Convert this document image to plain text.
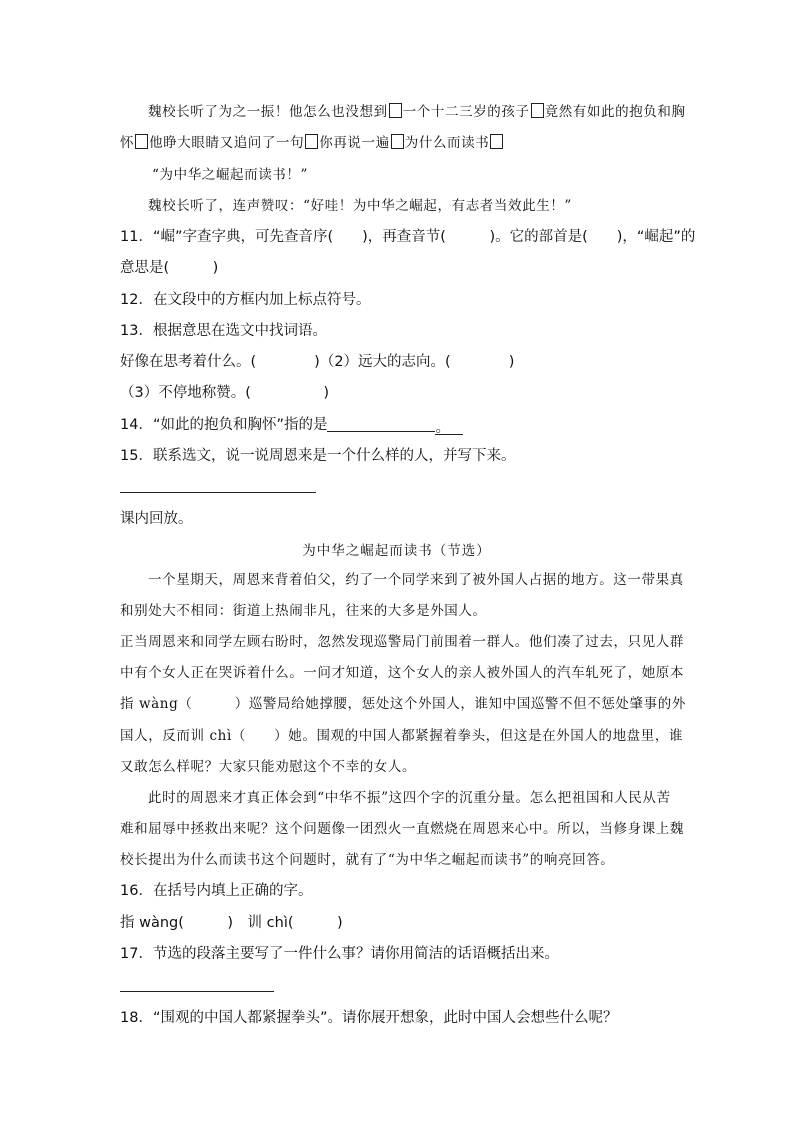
魏校长听了为之一振！他怎么也没想到 一个十二三岁的孩子 竟然有如此的抱负和胸
怀 他睁大眼睛又追问了一句 你再说一遍 为什么而读书
“为中华之崛起而读书！”
魏校长听了，连声赞叹：“好哇！为中华之崛起，有志者当效此生！”
11．“崛”字查字典，可先查音序(　　)，再查音节(　　　)。它的部首是(　　)，“崛起”的
意思是(　　　)
12．在文段中的方框内加上标点符号。
13．根据意思在选文中找词语。
好像在思考着什么。(　　　　)（2）远大的志向。(　　　　)
（3）不停地称赞。(　　　　　)
14．“如此的抱负和胸怀”指的是	。
15．联系选文，说一说周恩来是一个什么样的人，并写下来。
课内回放。
为中华之崛起而读书（节选）
一个星期天，周恩来背着伯父，约了一个同学来到了被外国人占据的地方。这一带果真
和别处大不相同：街道上热闹非凡，往来的大多是外国人。
正当周恩来和同学左顾右盼时，忽然发现巡警局门前围着一群人。他们凑了过去，只见人群
中有个女人正在哭诉着什么。一问才知道，这个女人的亲人被外国人的汽车轧死了，她原本
指 wàng（　　　）巡警局给她撑腰，惩处这个外国人，谁知中国巡警不但不惩处肇事的外
国人，反而训 chì（　　）她。围观的中国人都紧握着拳头，但这是在外国人的地盘里，谁
又敢怎么样呢？大家只能劝慰这个不幸的女人。
此时的周恩来才真正体会到“中华不振”这四个字的沉重分量。怎么把祖国和人民从苦
难和屈辱中拯救出来呢？这个问题像一团烈火一直燃烧在周恩来心中。所以，当修身课上魏
校长提出为什么而读书这个问题时，就有了“为中华之崛起而读书”的响亮回答。
16．在括号内填上正确的字。
指 wàng(　　　)　训 chì(　　　)
17．节选的段落主要写了一件什么事？请你用简洁的话语概括出来。
18．“围观的中国人都紧握拳头”。请你展开想象，此时中国人会想些什么呢？
